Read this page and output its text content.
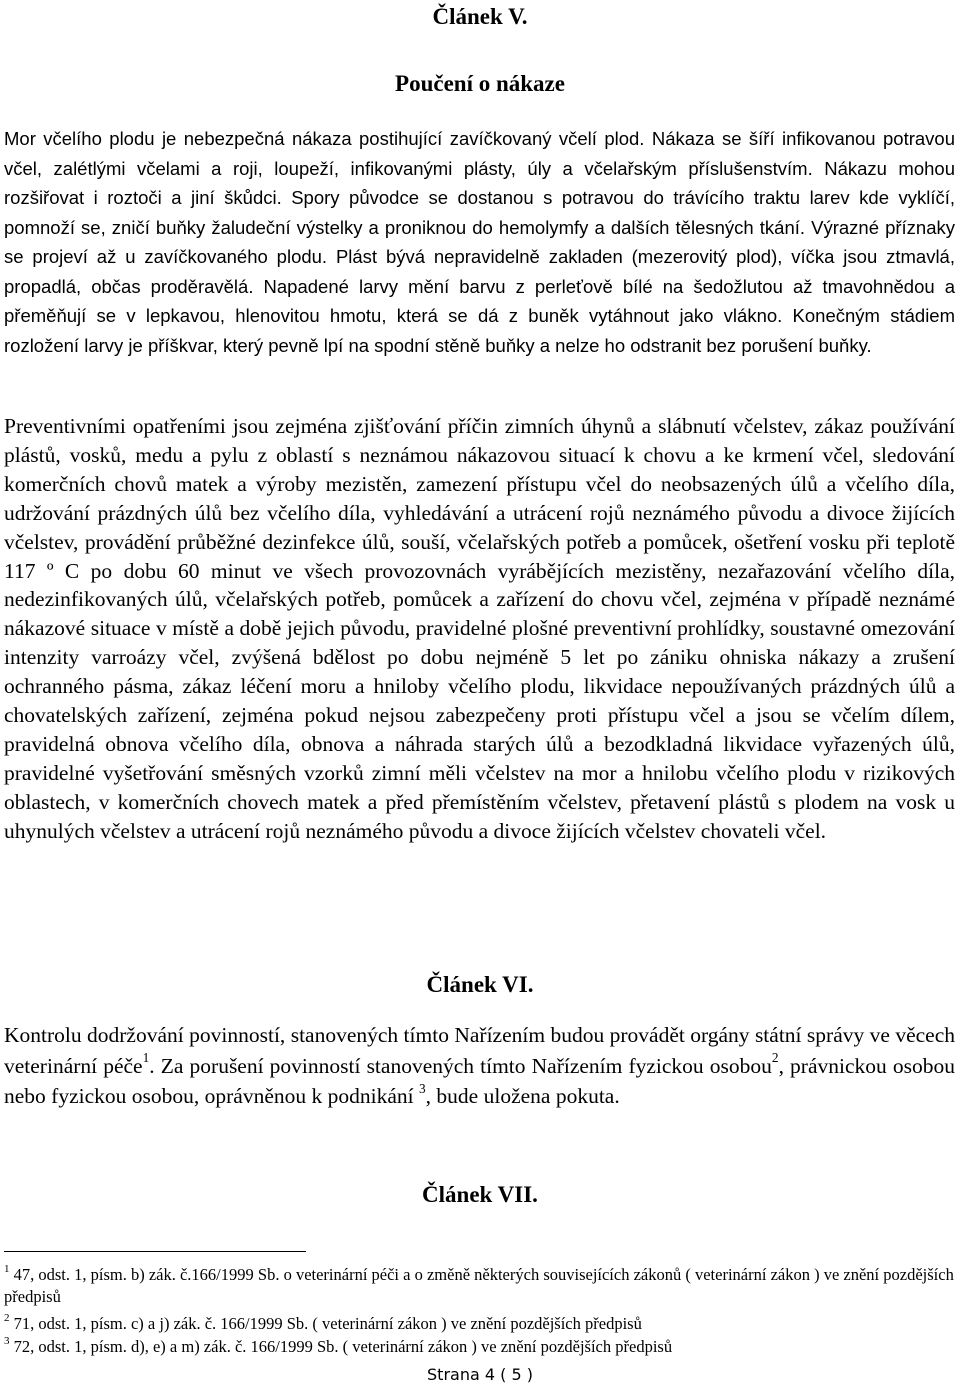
Článek V.
Poučení o nákaze

Mor včelího plodu je nebezpečná nákaza postihující zavíčkovaný včelí plod. Nákaza se šíří infikovanou potravou včel, zalétlými včelami a roji, loupeží, infikovanými plásty, úly a včelařským příslušenstvím. Nákazu mohou rozšiřovat i roztoči a jiní škůdci. Spory původce se dostanou s potravou do trávícího traktu larev kde vyklíčí, pomnoží se, zničí buňky žaludeční výstelky a proniknou do hemolymfy a dalších tělesných tkání. Výrazné příznaky se projeví až u zavíčkovaného plodu. Plást bývá nepravidelně zakladen (mezerovitý plod), víčka jsou ztmavlá, propadlá, občas proděravělá. Napadené larvy mění barvu z perleťově bílé na šedožlutou až tmavohnědou a přeměňují se v lepkavou, hlenovitou hmotu, která se dá z buněk vytáhnout jako vlákno. Konečným stádiem rozložení larvy je příškvar, který pevně lpí na spodní stěně buňky a nelze ho odstranit bez porušení buňky.

Preventivními opatřeními jsou zejména zjišťování příčin zimních úhynů a slábnutí včelstev, zákaz používání plástů, vosků, medu a pylu z oblastí s neznámou nákazovou situací k chovu a ke krmení včel, sledování komerčních chovů matek a výroby mezistěn, zamezení přístupu včel do neobsazených úlů a včelího díla, udržování prázdných úlů bez včelího díla, vyhledávání a utrácení rojů neznámého původu a divoce žijících včelstev, provádění průběžné dezinfekce úlů, souší, včelařských potřeb a pomůcek, ošetření vosku při teplotě 117 º C po dobu 60 minut ve všech provozovnách vyrábějících mezistěny, nezařazování včelího díla, nedezinfikovaných úlů, včelařských potřeb, pomůcek a zařízení do chovu včel, zejména v případě neznámé nákazové situace v místě a době jejich původu, pravidelné plošné preventivní prohlídky, soustavné omezování intenzity varroázy včel, zvýšená bdělost po dobu nejméně 5 let po zániku ohniska nákazy a zrušení ochranného pásma, zákaz léčení moru a hniloby včelího plodu, likvidace nepoužívaných prázdných úlů a chovatelských zařízení, zejména pokud nejsou zabezpečeny proti přístupu včel a jsou se včelím dílem, pravidelná obnova včelího díla, obnova a náhrada starých úlů a bezodkladná likvidace vyřazených úlů, pravidelné vyšetřování směsných vzorků zimní měli včelstev na mor a hnilobu včelího plodu v rizikových oblastech, v komerčních chovech matek a před přemístěním včelstev, přetavení plástů s plodem na vosk u uhynulých včelstev a utrácení rojů neznámého původu a divoce žijících včelstev chovateli včel.

Článek VI.

Kontrolu dodržování povinností, stanovených tímto Nařízením budou provádět orgány státní správy ve věcech veterinární péče$^1$. Za porušení povinností stanovených tímto Nařízením fyzickou osobou$^2$, právnickou osobou nebo fyzickou osobou, oprávněnou k podnikání $^3$, bude uložena pokuta.

Článek VII.

$^1$ 47, odst. 1, písm. b) zák. č.166/1999 Sb. o veterinární péči a o změně některých souvisejících zákonů ( veterinární zákon ) ve znění pozdějších předpisů

$^2$ 71, odst. 1, písm. c) a j) zák. č. 166/1999 Sb. ( veterinární zákon ) ve znění pozdějších předpisů

$^3$ 72, odst. 1, písm. d), e) a m) zák. č. 166/1999 Sb. ( veterinární zákon ) ve znění pozdějších předpisů

Strana 4 ( 5 )
